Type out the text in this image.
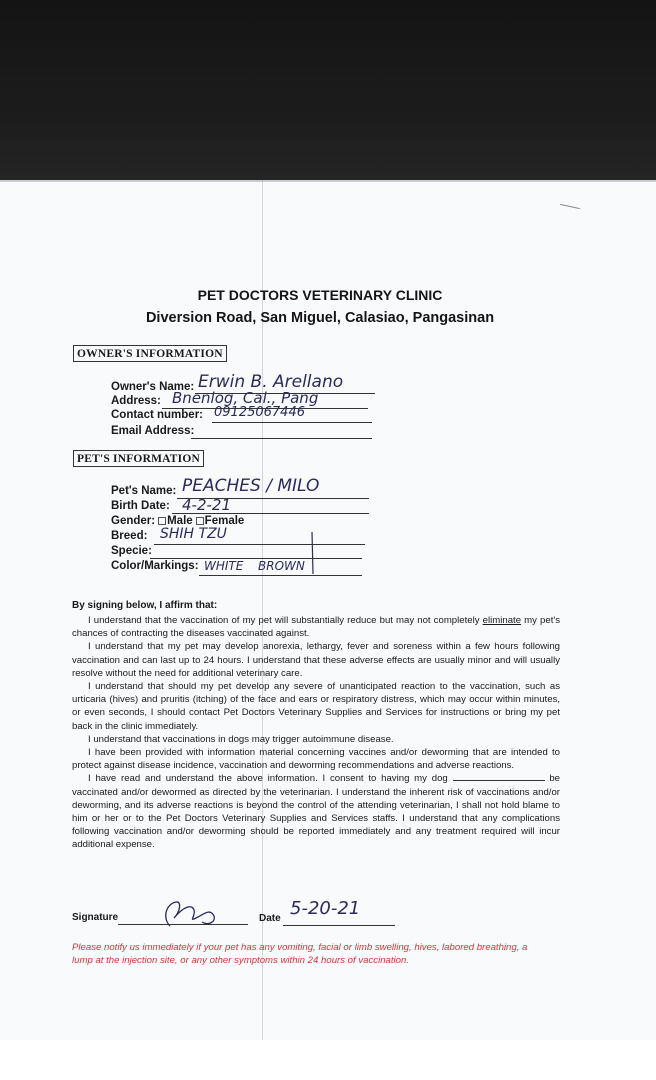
PET DOCTORS VETERINARY CLINIC
Diversion Road, San Miguel, Calasiao, Pangasinan
OWNER'S INFORMATION
Owner's Name: Erwin B. Arellano
Address: Bnenlog, Cal., Pang
Contact number: 09125067446
Email Address:
PET'S INFORMATION
Pet's Name: PEACHES / MILO
Birth Date: 4-2-21
Gender: Male Female
Breed: SHIH TZU
Specie:
Color/Markings: WHITE BROWN
By signing below, I affirm that:

I understand that the vaccination of my pet will substantially reduce but may not completely eliminate my pet's chances of contracting the diseases vaccinated against.

I understand that my pet may develop anorexia, lethargy, fever and soreness within a few hours following vaccination and can last up to 24 hours. I understand that these adverse effects are usually minor and will usually resolve without the need for additional veterinary care.

I understand that should my pet develop any severe of unanticipated reaction to the vaccination, such as urticaria (hives) and pruritis (itching) of the face and ears or respiratory distress, which may occur within minutes, or even seconds, I should contact Pet Doctors Veterinary Supplies and Services for instructions or bring my pet back in the clinic immediately.

I understand that vaccinations in dogs may trigger autoimmune disease.

I have been provided with information material concerning vaccines and/or deworming that are intended to protect against disease incidence, vaccination and deworming recommendations and adverse reactions.

I have read and understand the above information. I consent to having my dog	be vaccinated and/or dewormed as directed by the veterinarian. I understand the inherent risk of vaccinations and/or deworming, and its adverse reactions is beyond the control of the attending veterinarian, I shall not hold blame to him or her or to the Pet Doctors Veterinary Supplies and Services staffs. I understand that any complications following vaccination and/or deworming should be reported immediately and any treatment required will incur additional expense.

Signature	Date 5-20-21
Please notify us immediately if your pet has any vomiting, facial or limb swelling, hives, labored breathing, a lump at the injection site, or any other symptoms within 24 hours of vaccination.
